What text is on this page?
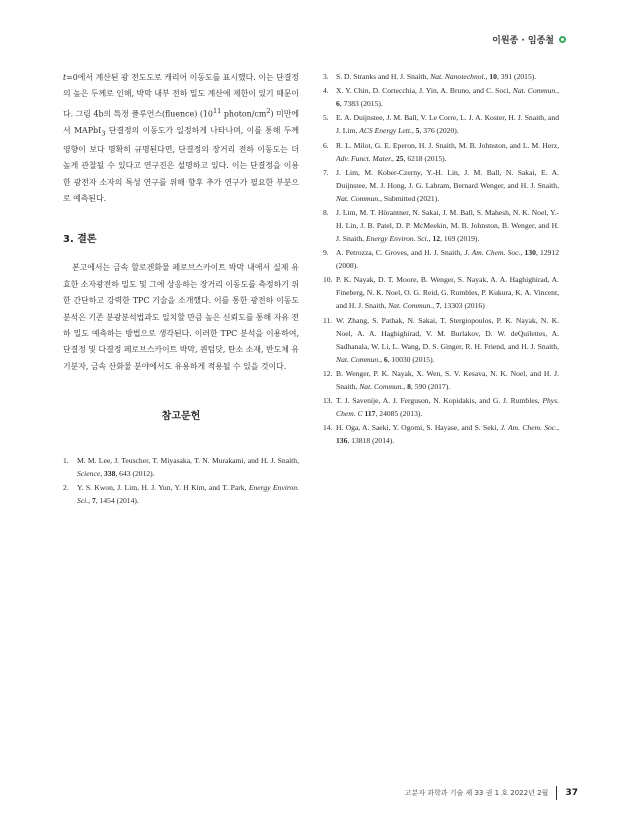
이원종 · 임종철

t=0에서 계산된 광 전도도로 캐리어 이동도를 표시했다. 이는 단결정의 높은 두께로 인해, 박막 내부 전하 밀도 계산에 제한이 있기 때문이다. 그림 4b의 특정 플루언스(fluence) ($10^{11}$ photon/$cm^2$) 미만에서 MAPbI$_3$ 단결정의 이동도가 일정하게 나타나며, 이를 통해 두께 영향이 보다 명확히 규명된다면, 단결정의 장거리 전하 이동도는 더 높게 관찰될 수 있다고 연구진은 설명하고 있다. 이는 단결정을 이용한 광전자 소자의 특성 연구를 위해 향후 추가 연구가 필요한 부분으로 예측된다.

3. 결론

본고에서는 금속 할로겐화물 페로브스카이트 박막 내에서 실제 유효한 소자광전하 밀도 및 그에 상응하는 장거리 이동도를 측정하기 위한 간단하고 강력한 TPC 기술을 소개했다. 이를 통한 광전하 이동도 분석은 기존 분광분석법과도 일치할 만큼 높은 신뢰도를 통해 자유 전하 밀도 예측하는 방법으로 생각된다. 이러한 TPC 분석을 이용하여, 단결정 및 다결정 페로브스카이트 박막, 퀀텀닷, 탄소 소재, 반도체 유기분자, 금속 산화물 분야에서도 유용하게 적용될 수 있을 것이다.

참고문헌
1.	M. M. Lee, J. Teuscher, T. Miyasaka, T. N. Murakami, and H. J. Snaith, Science, 338, 643 (2012).
2.	Y. S. Kwon, J. Lim, H. J. Yun, Y. H Kim, and T. Park, Energy Environ. Sci., 7, 1454 (2014).
3. S. D. Stranks and H. J. Snaith, Nat. Nanotechnol., 10, 391 (2015).
4. X. Y. Chin, D. Cortecchia, J. Yin, A. Bruno, and C. Soci, Nat. Commun., 6, 7383 (2015).
5. E. A. Duijnstee, J. M. Ball, V. Le Corre, L. J. A. Koster, H. J. Snaith, and J. Lim, ACS Energy Lett., 5, 376 (2020).
6. R. L. Milot, G. E. Eperon, H. J. Snaith, M. B. Johnston, and L. M. Herz, Adv. Funct. Mater., 25, 6218 (2015).
7. J. Lim, M. Kober-Czerny, Y.-H. Lin, J. M. Ball, N. Sakai, E. A. Duijnstee, M. J. Hong, J. G. Labram, Bernard Wenger, and H. J. Snaith, Nat. Commun., Submitted (2021).
8. J. Lim, M. T. Hörantner, N. Sakai, J. M. Ball, S. Mahesh, N. K. Noel, Y.-H. Lin, J. B. Patel, D. P. McMeekin, M. B. Johnston, B. Wenger, and H. J. Snaith, Energy Environ. Sci., 12, 169 (2019).
9. A. Petrozza, C. Groves, and H. J. Snaith, J. Am. Chem. Soc., 130, 12912 (2008).
10. P. K. Nayak, D. T. Moore, B. Wenger, S. Nayak, A. A. Haghighirad, A. Fineberg, N. K. Noel, O. G. Reid, G. Rumbles, P. Kukura, K. A. Vincent, and H. J. Snaith, Nat. Commun., 7, 13303 (2016)
11. W. Zhang, S. Pathak, N. Sakai, T. Stergiopoulos, P. K. Nayak, N. K. Noel, A. A. Haghighirad, V. M. Burlakov, D. W. deQuilettes, A. Sadhanala, W. Li, L. Wang, D. S. Ginger, R. H. Friend, and H. J. Snaith, Nat. Commun., 6, 10030 (2015).
12. B. Wenger, P. K. Nayak, X. Wen, S. V. Kesava, N. K. Noel, and H. J. Snaith, Nat. Commun., 8, 590 (2017).
13. T. J. Savenije, A. J. Ferguson, N. Kopidakis, and G. J. Rumbles, Phys. Chem. C 117, 24085 (2013).
14. H. Oga, A. Saeki, Y. Ogomi, S. Hayase, and S. Seki, J. Am. Chem. Soc., 136, 13818 (2014).
고분자 과학과 기술 제 33 권 1 호 2022년 2월 37
